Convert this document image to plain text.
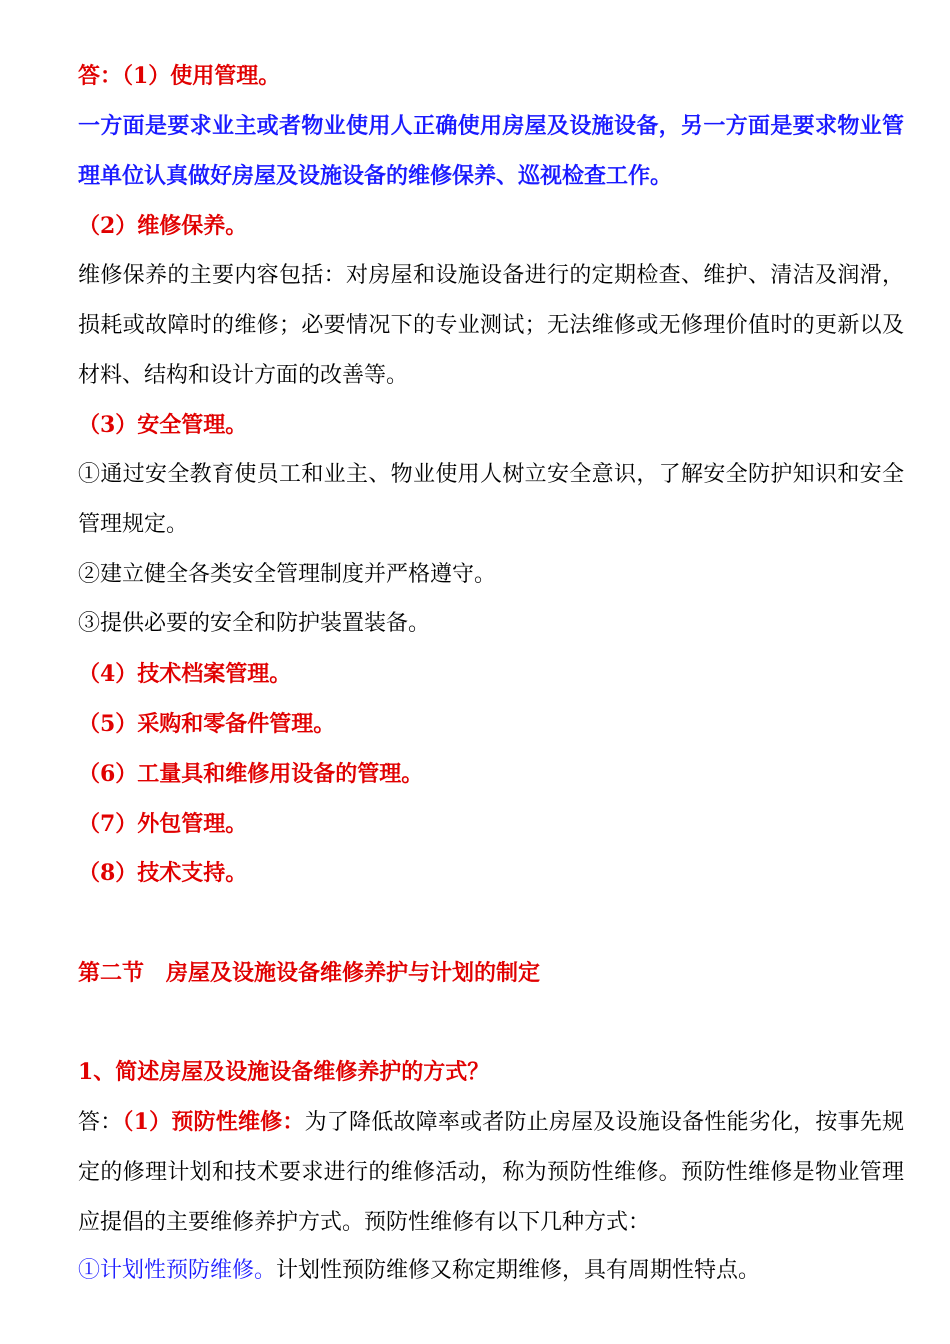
答：（1）使用管理。

一方面是要求业主或者物业使用人正确使用房屋及设施设备，另一方面是要求物业管理单位认真做好房屋及设施设备的维修保养、巡视检查工作。

（2）维修保养。

维修保养的主要内容包括：对房屋和设施设备进行的定期检查、维护、清洁及润滑，损耗或故障时的维修；必要情况下的专业测试；无法维修或无修理价值时的更新以及材料、结构和设计方面的改善等。

（3）安全管理。

①通过安全教育使员工和业主、物业使用人树立安全意识，了解安全防护知识和安全管理规定。

②建立健全各类安全管理制度并严格遵守。

③提供必要的安全和防护装置装备。

（4）技术档案管理。

（5）采购和零备件管理。

（6）工量具和维修用设备的管理。

（7）外包管理。

（8）技术支持。

第二节　房屋及设施设备维修养护与计划的制定

1、简述房屋及设施设备维修养护的方式？

答：（1）预防性维修：为了降低故障率或者防止房屋及设施设备性能劣化，按事先规定的修理计划和技术要求进行的维修活动，称为预防性维修。预防性维修是物业管理应提倡的主要维修养护方式。预防性维修有以下几种方式：

①计划性预防维修。计划性预防维修又称定期维修，具有周期性特点。
